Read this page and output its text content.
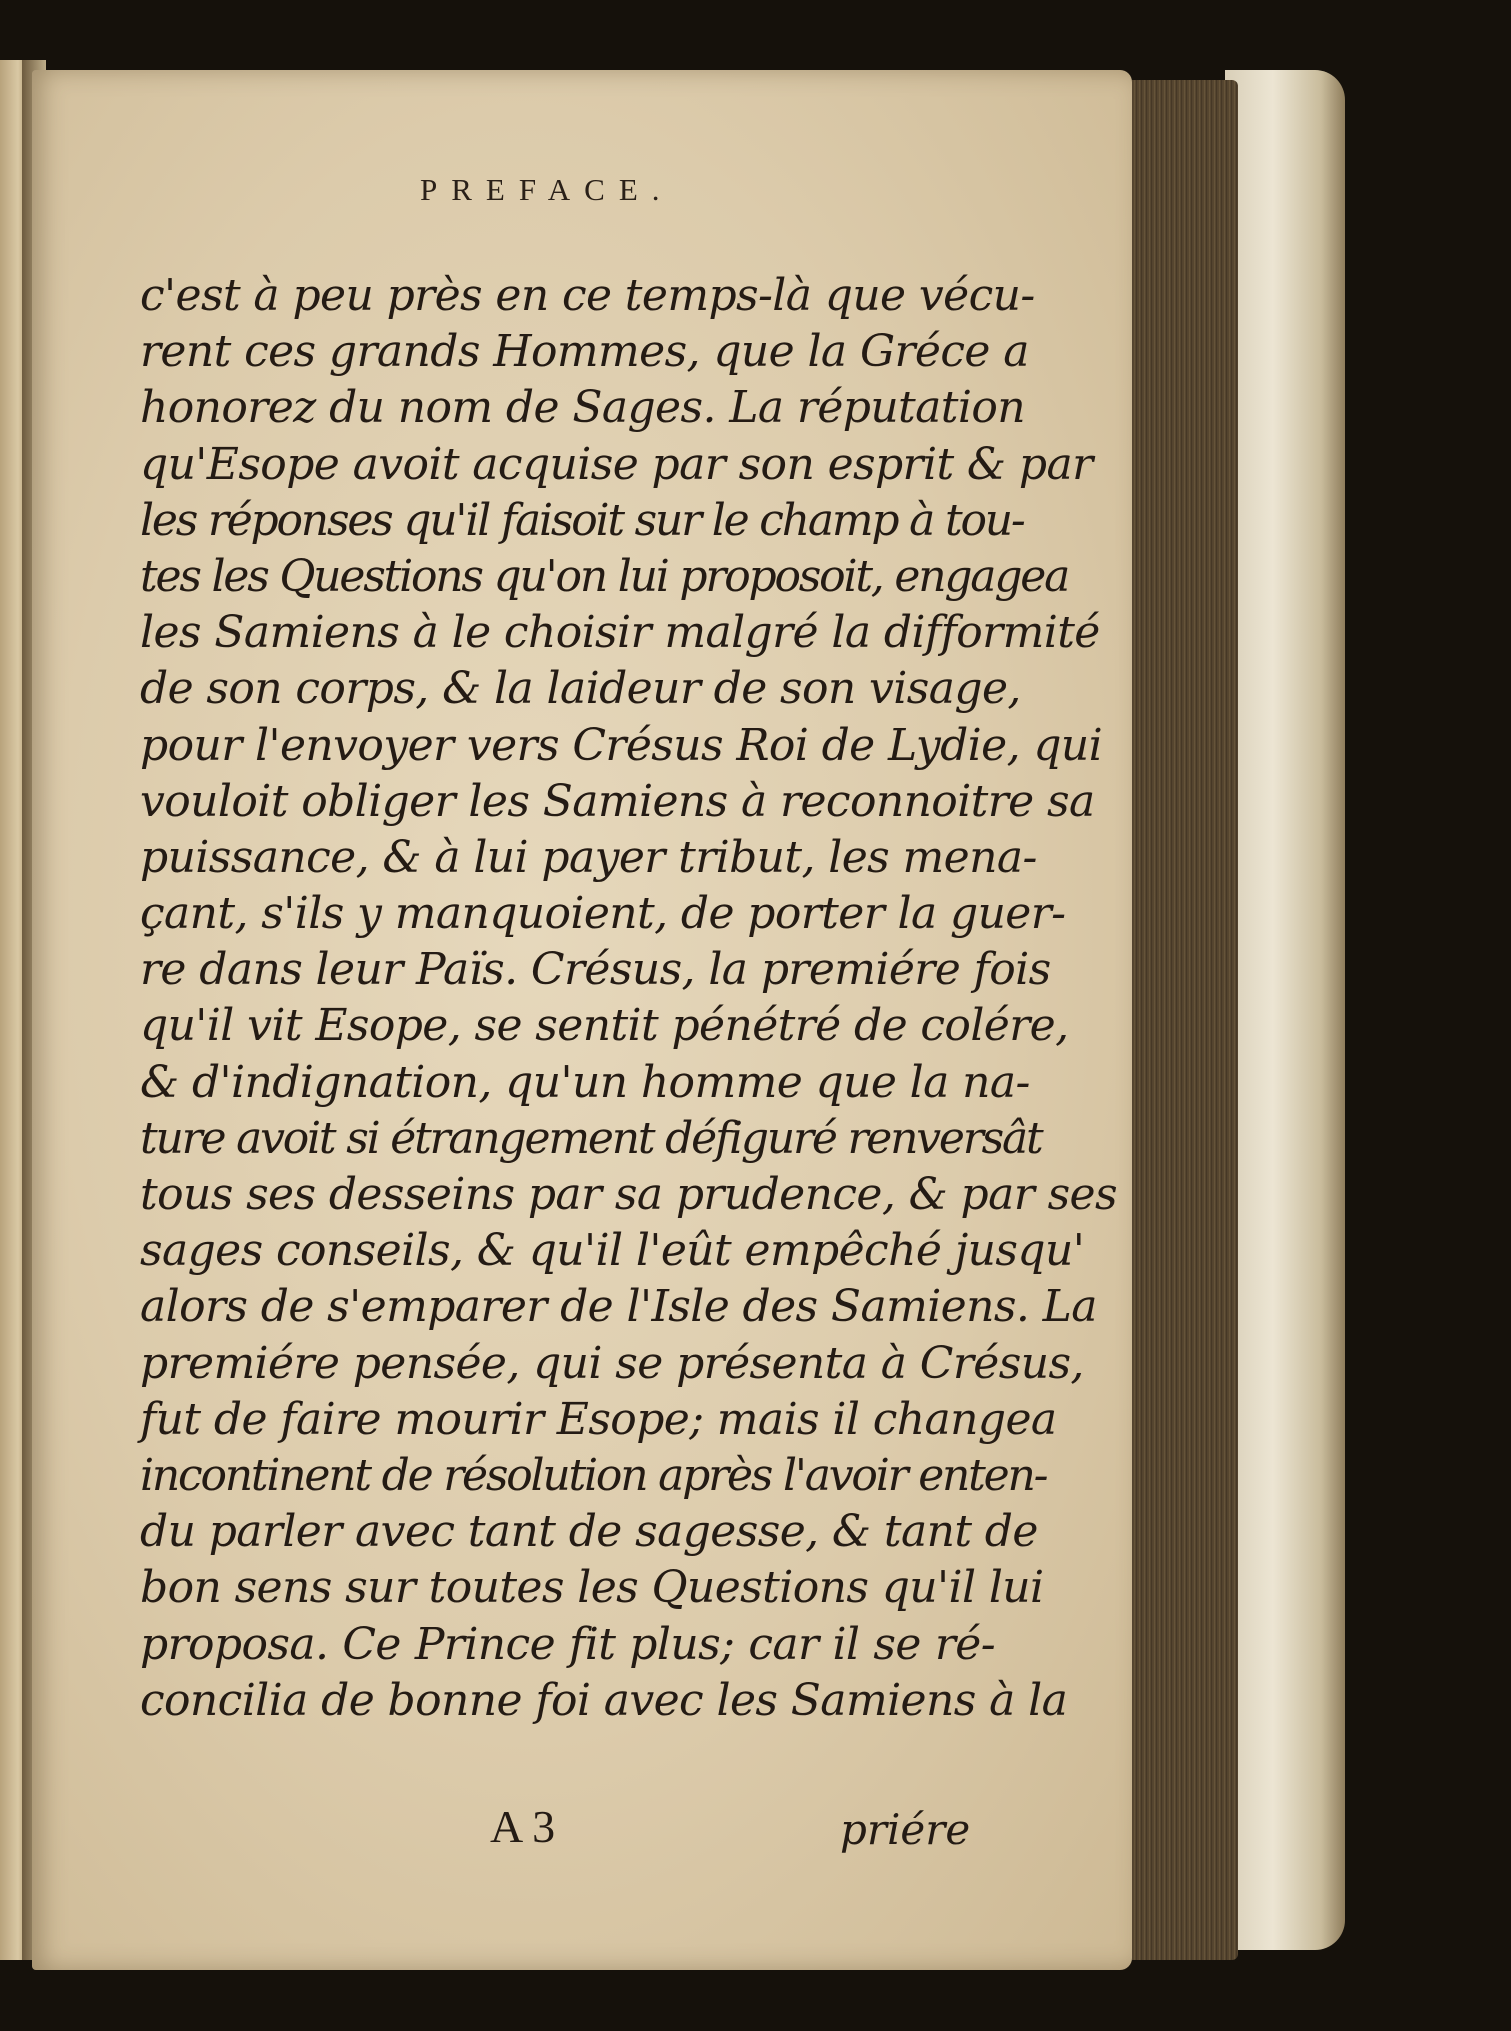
PREFACE.
c'est à peu près en ce temps-là que vécu-
rent ces grands Hommes, que la Gréce a
honorez du nom de Sages. La réputation
qu'Esope avoit acquise par son esprit & par
les réponses qu'il faisoit sur le champ à tou-
tes les Questions qu'on lui proposoit, engagea
les Samiens à le choisir malgré la difformité
de son corps, & la laideur de son visage,
pour l'envoyer vers Crésus Roi de Lydie, qui
vouloit obliger les Samiens à reconnoitre sa
puissance, & à lui payer tribut, les mena-
çant, s'ils y manquoient, de porter la guer-
re dans leur Païs. Crésus, la premiére fois
qu'il vit Esope, se sentit pénétré de colére,
& d'indignation, qu'un homme que la na-
ture avoit si étrangement défiguré renversât
tous ses desseins par sa prudence, & par ses
sages conseils, & qu'il l'eût empêché jusqu'
alors de s'emparer de l'Isle des Samiens. La
premiére pensée, qui se présenta à Crésus,
fut de faire mourir Esope; mais il changea
incontinent de résolution après l'avoir enten-
du parler avec tant de sagesse, & tant de
bon sens sur toutes les Questions qu'il lui
proposa. Ce Prince fit plus; car il se ré-
concilia de bonne foi avec les Samiens à la
A 3	priére
